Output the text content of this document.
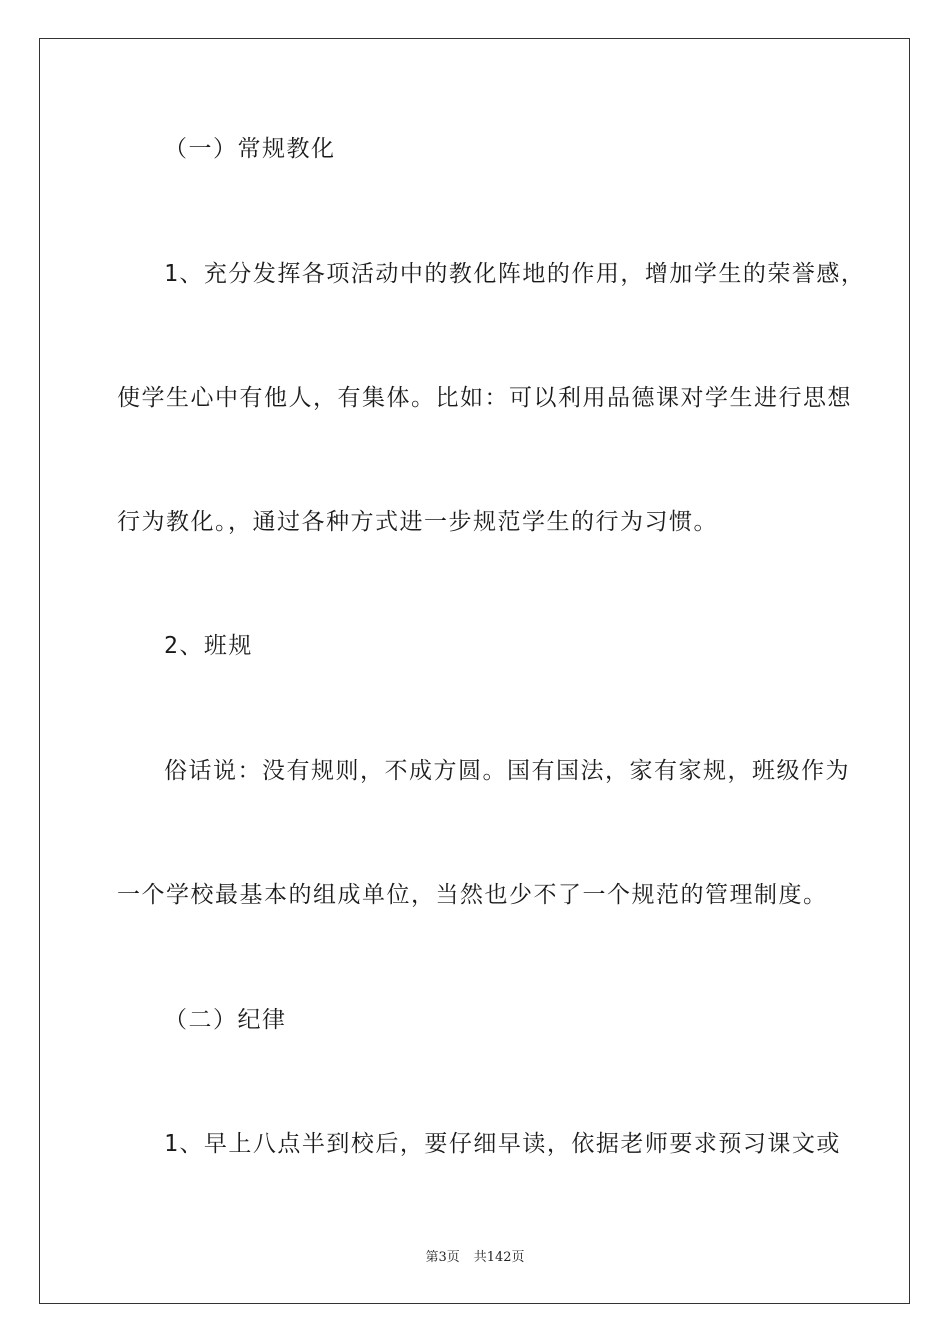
（一）常规教化
1、充分发挥各项活动中的教化阵地的作用，增加学生的荣誉感，
使学生心中有他人，有集体。比如：可以利用品德课对学生进行思想
行为教化。，通过各种方式进一步规范学生的行为习惯。
2、班规
俗话说：没有规则，不成方圆。国有国法，家有家规，班级作为
一个学校最基本的组成单位，当然也少不了一个规范的管理制度。
（二）纪律
1、早上八点半到校后，要仔细早读，依据老师要求预习课文或
第3页 共142页
